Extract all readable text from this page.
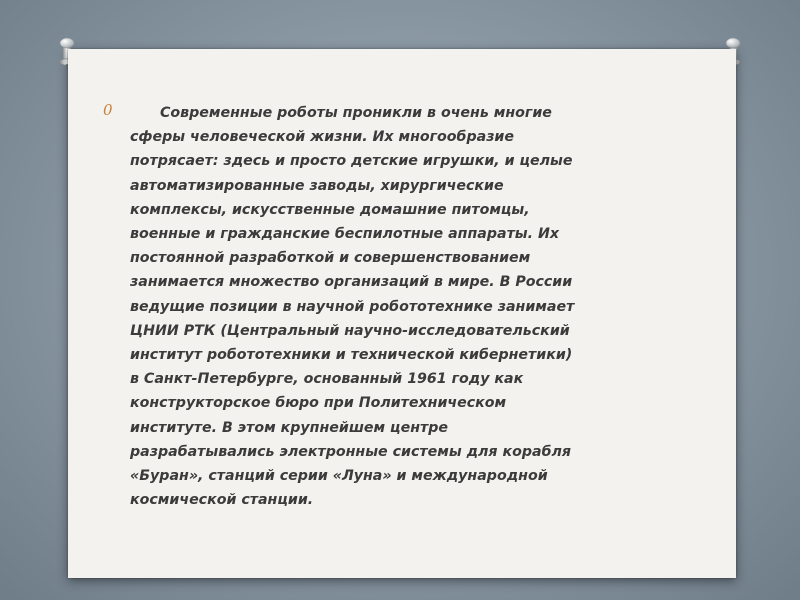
0	Современные роботы проникли в очень многие
сферы человеческой жизни. Их многообразие
потрясает: здесь и просто детские игрушки, и целые
автоматизированные заводы, хирургические
комплексы, искусственные домашние питомцы,
военные и гражданские беспилотные аппараты. Их
постоянной разработкой и совершенствованием
занимается множество организаций в мире. В России
ведущие позиции в научной робототехнике занимает
ЦНИИ РТК (Центральный научно-исследовательский
институт робототехники и технической кибернетики)
в Санкт-Петербурге, основанный 1961 году как
конструкторское бюро при Политехническом
институте. В этом крупнейшем центре
разрабатывались электронные системы для корабля
«Буран», станций серии «Луна» и международной
космической станции.
